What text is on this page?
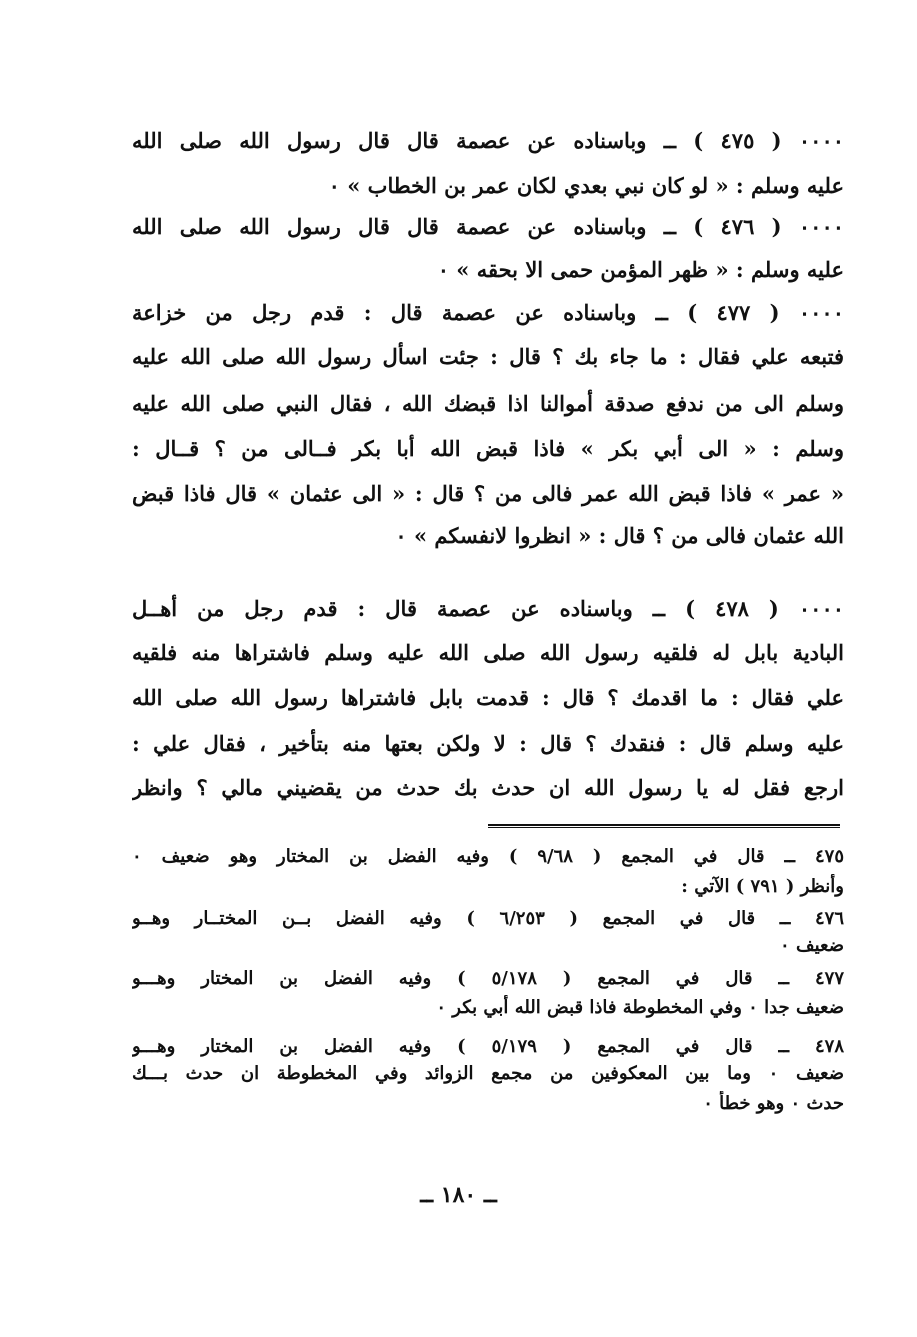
٠٠٠٠ ( ٤٧٥ ) ــ وباسناده عن عصمة قال قال رسول الله صلى الله
عليه وسلم : « لو كان نبي بعدي لكان عمر بن الخطاب » ٠
٠٠٠٠ ( ٤٧٦ ) ــ وباسناده عن عصمة قال قال رسول الله صلى الله
عليه وسلم : « ظهر المؤمن حمى الا بحقه » ٠
٠٠٠٠ ( ٤٧٧ ) ــ وباسناده عن عصمة قال : قدم رجل من خزاعة
فتبعه علي فقال : ما جاء بك ؟ قال : جئت اسأل رسول الله صلى الله عليه
وسلم الى من ندفع صدقة أموالنا اذا قبضك الله ، فقال النبي صلى الله عليه
وسلم : « الى أبي بكر » فاذا قبض الله أبا بكر فــالى من ؟ قــال :
« عمر » فاذا قبض الله عمر فالى من ؟ قال : « الى عثمان » قال فاذا قبض
الله عثمان فالى من ؟ قال : « انظروا لانفسكم » ٠
٠٠٠٠ ( ٤٧٨ ) ــ وباسناده عن عصمة قال : قدم رجل من أهــل
البادية بابل له فلقيه رسول الله صلى الله عليه وسلم فاشتراها منه فلقيه
علي فقال : ما اقدمك ؟ قال : قدمت بابل فاشتراها رسول الله صلى الله
عليه وسلم قال : فنقدك ؟ قال : لا ولكن بعتها منه بتأخير ، فقال علي :
ارجع فقل له يا رسول الله ان حدث بك حدث من يقضيني مالي ؟ وانظر
٤٧٥ ــ قال في المجمع ( ٩/٦٨ ) وفيه الفضل بن المختار وهو ضعيف ٠
وأنظر ( ٧٩١ ) الآتي :
٤٧٦ ــ قال في المجمع ( ٦/٢٥٣ ) وفيه الفضل بــن المختــار وهــو
ضعيف ٠
٤٧٧ ــ قال في المجمع ( ٥/١٧٨ ) وفيه الفضل بن المختار وهـــو
ضعيف جدا ٠ وفي المخطوطة فاذا قبض الله أبي بكر ٠
٤٧٨ ــ قال في المجمع ( ٥/١٧٩ ) وفيه الفضل بن المختار وهـــو
ضعيف ٠ وما بين المعكوفين من مجمع الزوائد وفي المخطوطة ان حدث بـــك
حدث ٠ وهو خطأ ٠
ــ ١٨٠ ــ
